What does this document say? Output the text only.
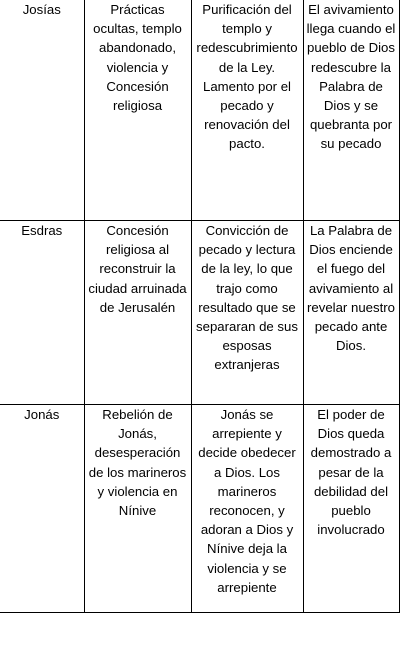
Josías	Prácticas ocultas, templo abandonado, violencia y Concesión religiosa	Purificación del templo y redescubrimiento de la Ley. Lamento por el pecado y renovación del pacto.	El avivamiento llega cuando el pueblo de Dios redescubre la Palabra de Dios y se quebranta por su pecado
Esdras	Concesión religiosa al reconstruir la ciudad arruinada de Jerusalén	Convicción de pecado y lectura de la ley, lo que trajo como resultado que se separaran de sus esposas extranjeras	La Palabra de Dios enciende el fuego del avivamiento al revelar nuestro pecado ante Dios.
Jonás	Rebelión de Jonás, desesperación de los marineros y violencia en Nínive	Jonás se arrepiente y decide obedecer a Dios. Los marineros reconocen, y adoran a Dios y Nínive deja la violencia y se arrepiente	El poder de Dios queda demostrado a pesar de la debilidad del pueblo involucrado
